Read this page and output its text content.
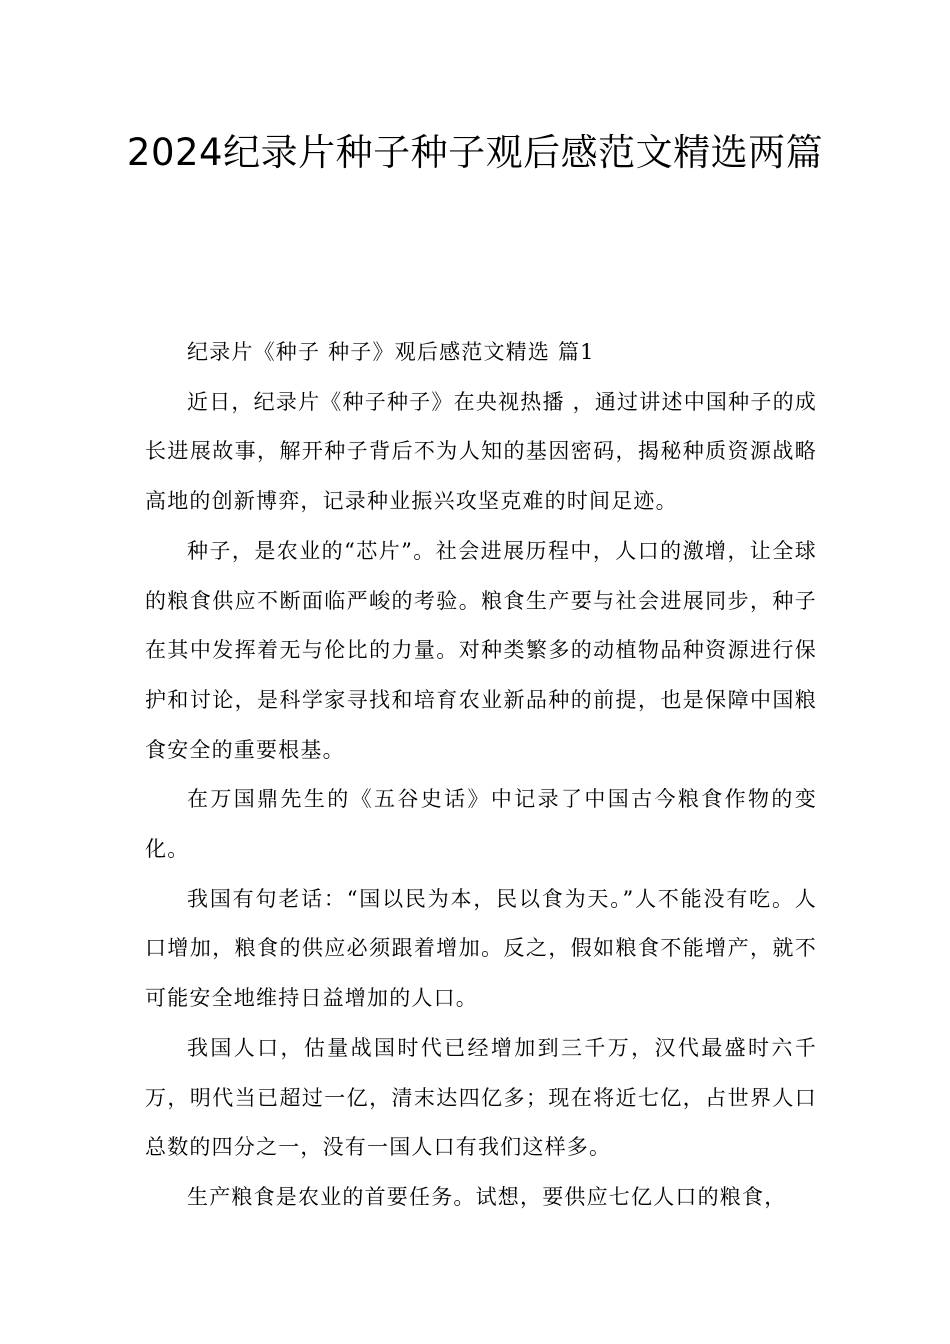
2024纪录片种子种子观后感范文精选两篇

纪录片《种子 种子》观后感范文精选 篇1

近日，纪录片《种子种子》在央视热播 ，通过讲述中国种子的成长进展故事，解开种子背后不为人知的基因密码，揭秘种质资源战略高地的创新博弈，记录种业振兴攻坚克难的时间足迹。

种子，是农业的“芯片”。社会进展历程中，人口的激增，让全球的粮食供应不断面临严峻的考验。粮食生产要与社会进展同步，种子在其中发挥着无与伦比的力量。对种类繁多的动植物品种资源进行保护和讨论，是科学家寻找和培育农业新品种的前提，也是保障中国粮食安全的重要根基。

在万国鼎先生的《五谷史话》中记录了中国古今粮食作物的变化。

我国有句老话：“国以民为本，民以食为天。”人不能没有吃。人口增加，粮食的供应必须跟着增加。反之，假如粮食不能增产，就不可能安全地维持日益增加的人口。

我国人口，估量战国时代已经增加到三千万，汉代最盛时六千万，明代当已超过一亿，清末达四亿多；现在将近七亿，占世界人口总数的四分之一，没有一国人口有我们这样多。

生产粮食是农业的首要任务。试想，要供应七亿人口的粮食，
